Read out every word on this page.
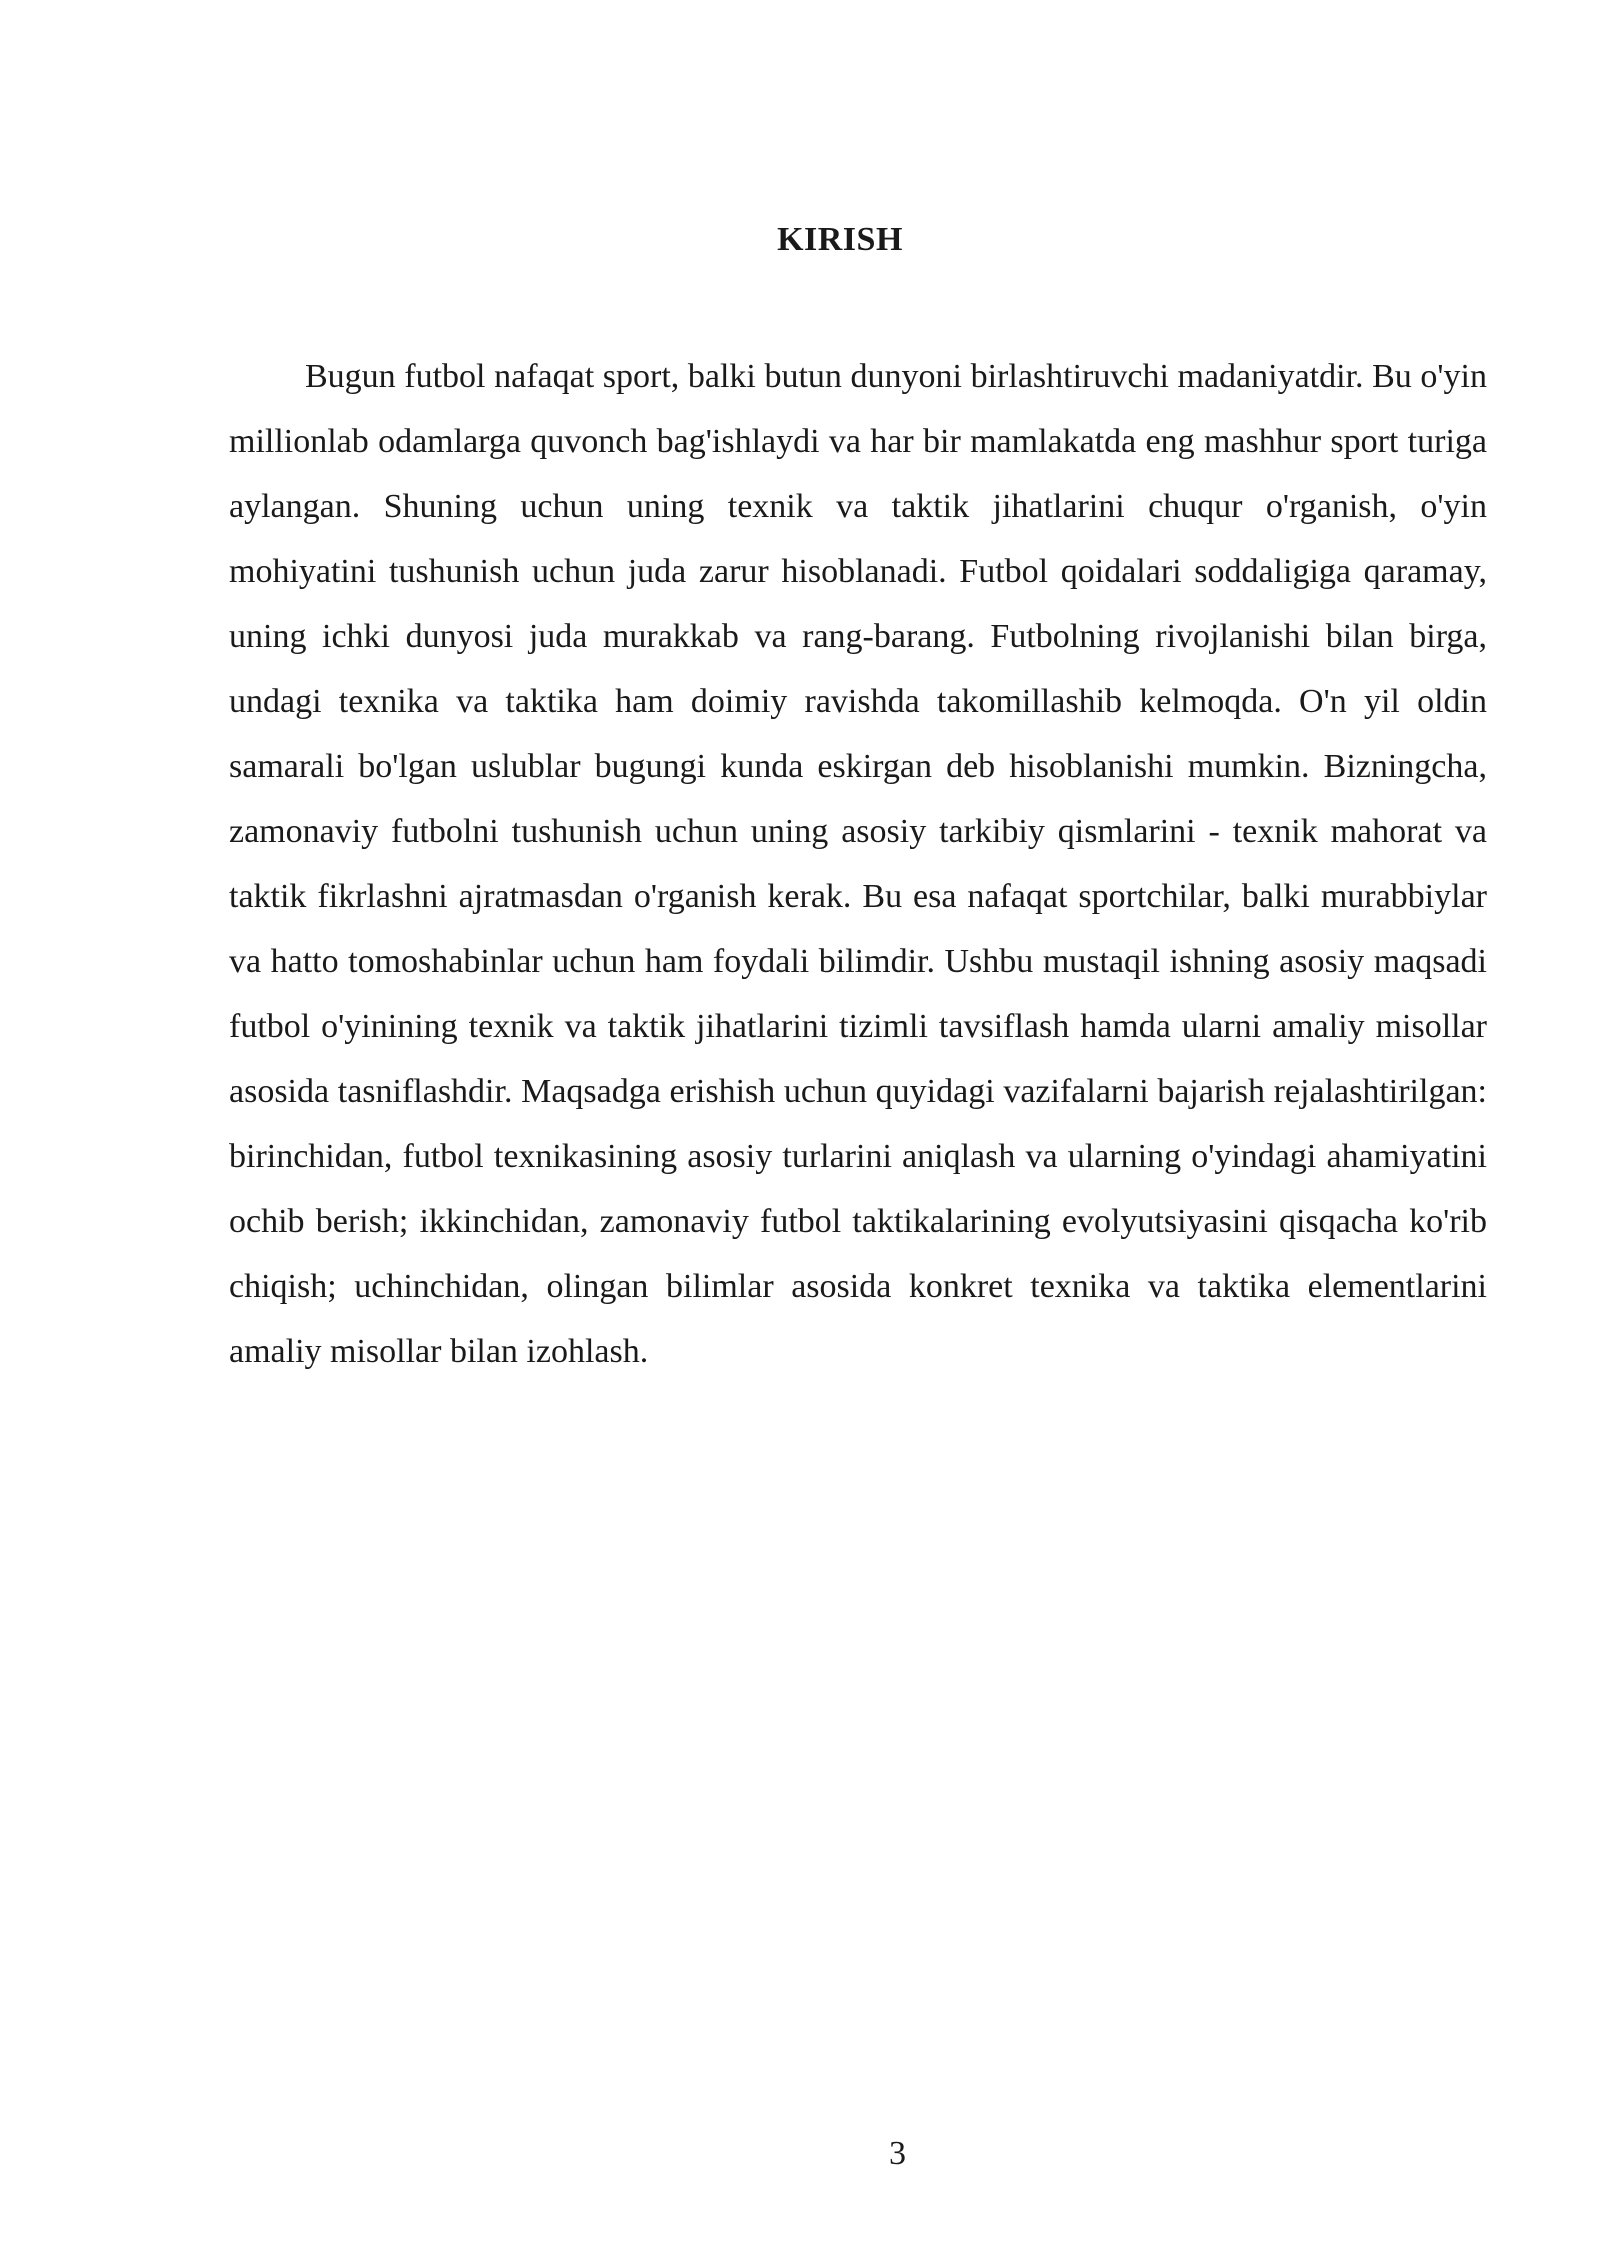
KIRISH

Bugun futbol nafaqat sport, balki butun dunyoni birlashtiruvchi madaniyatdir. Bu o'yin millionlab odamlarga quvonch bag'ishlaydi va har bir mamlakatda eng mashhur sport turiga aylangan. Shuning uchun uning texnik va taktik jihatlarini chuqur o'rganish, o'yin mohiyatini tushunish uchun juda zarur hisoblanadi. Futbol qoidalari soddaligiga qaramay, uning ichki dunyosi juda murakkab va rang-barang. Futbolning rivojlanishi bilan birga, undagi texnika va taktika ham doimiy ravishda takomillashib kelmoqda. O'n yil oldin samarali bo'lgan uslublar bugungi kunda eskirgan deb hisoblanishi mumkin. Bizningcha, zamonaviy futbolni tushunish uchun uning asosiy tarkibiy qismlarini - texnik mahorat va taktik fikrlashni ajratmasdan o'rganish kerak. Bu esa nafaqat sportchilar, balki murabbiylar va hatto tomoshabinlar uchun ham foydali bilimdir. Ushbu mustaqil ishning asosiy maqsadi futbol o'yinining texnik va taktik jihatlarini tizimli tavsiflash hamda ularni amaliy misollar asosida tasniflashdir. Maqsadga erishish uchun quyidagi vazifalarni bajarish rejalashtirilgan: birinchidan, futbol texnikasining asosiy turlarini aniqlash va ularning o'yindagi ahamiyatini ochib berish; ikkinchidan, zamonaviy futbol taktikalarining evolyutsiyasini qisqacha ko'rib chiqish; uchinchidan, olingan bilimlar asosida konkret texnika va taktika elementlarini amaliy misollar bilan izohlash.

3
